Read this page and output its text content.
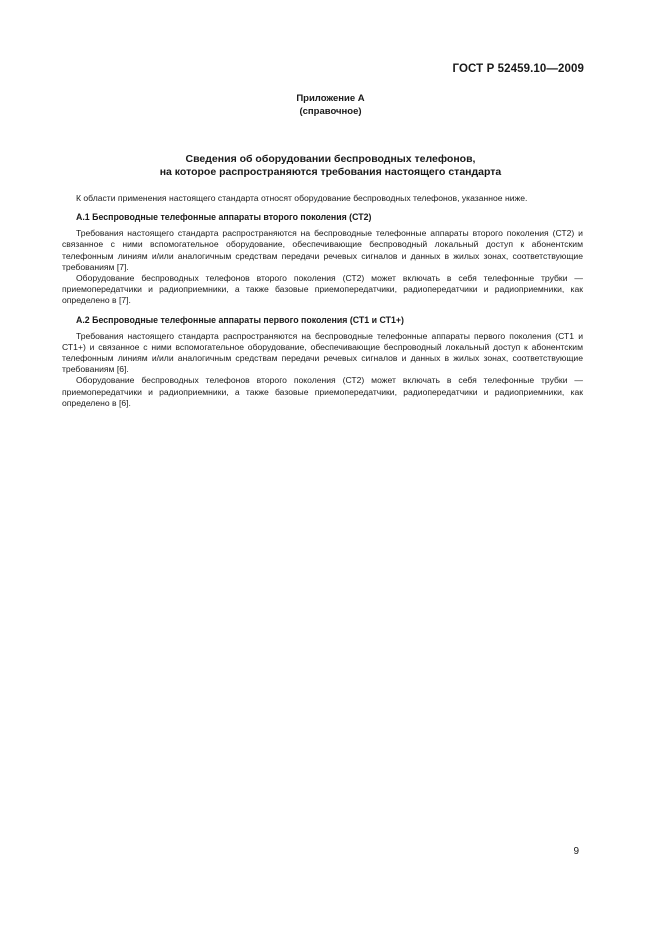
ГОСТ Р 52459.10—2009
Приложение А
(справочное)
Сведения об оборудовании беспроводных телефонов,
на которое распространяются требования настоящего стандарта

К области применения настоящего стандарта относят оборудование беспроводных телефонов, указанное ниже.

А.1 Беспроводные телефонные аппараты второго поколения (СТ2)

Требования настоящего стандарта распространяются на беспроводные телефонные аппараты второго поколения (СТ2) и связанное с ними вспомогательное оборудование, обеспечивающие беспроводный локальный доступ к абонентским телефонным линиям и/или аналогичным средствам передачи речевых сигналов и данных в жилых зонах, соответствующие требованиям [7].

Оборудование беспроводных телефонов второго поколения (СТ2) может включать в себя телефонные трубки — приемопередатчики и радиоприемники, а также базовые приемопередатчики, радиопередатчики и радиоприемники, как определено в [7].

А.2 Беспроводные телефонные аппараты первого поколения (СТ1 и СТ1+)

Требования настоящего стандарта распространяются на беспроводные телефонные аппараты первого поколения (СТ1 и СТ1+) и связанное с ними вспомогательное оборудование, обеспечивающие беспроводный локальный доступ к абонентским телефонным линиям и/или аналогичным средствам передачи речевых сигналов и данных в жилых зонах, соответствующие требованиям [6].

Оборудование беспроводных телефонов второго поколения (СТ2) может включать в себя телефонные трубки — приемопередатчики и радиоприемники, а также базовые приемопередатчики, радиопередатчики и радиоприемники, как определено в [6].

9
